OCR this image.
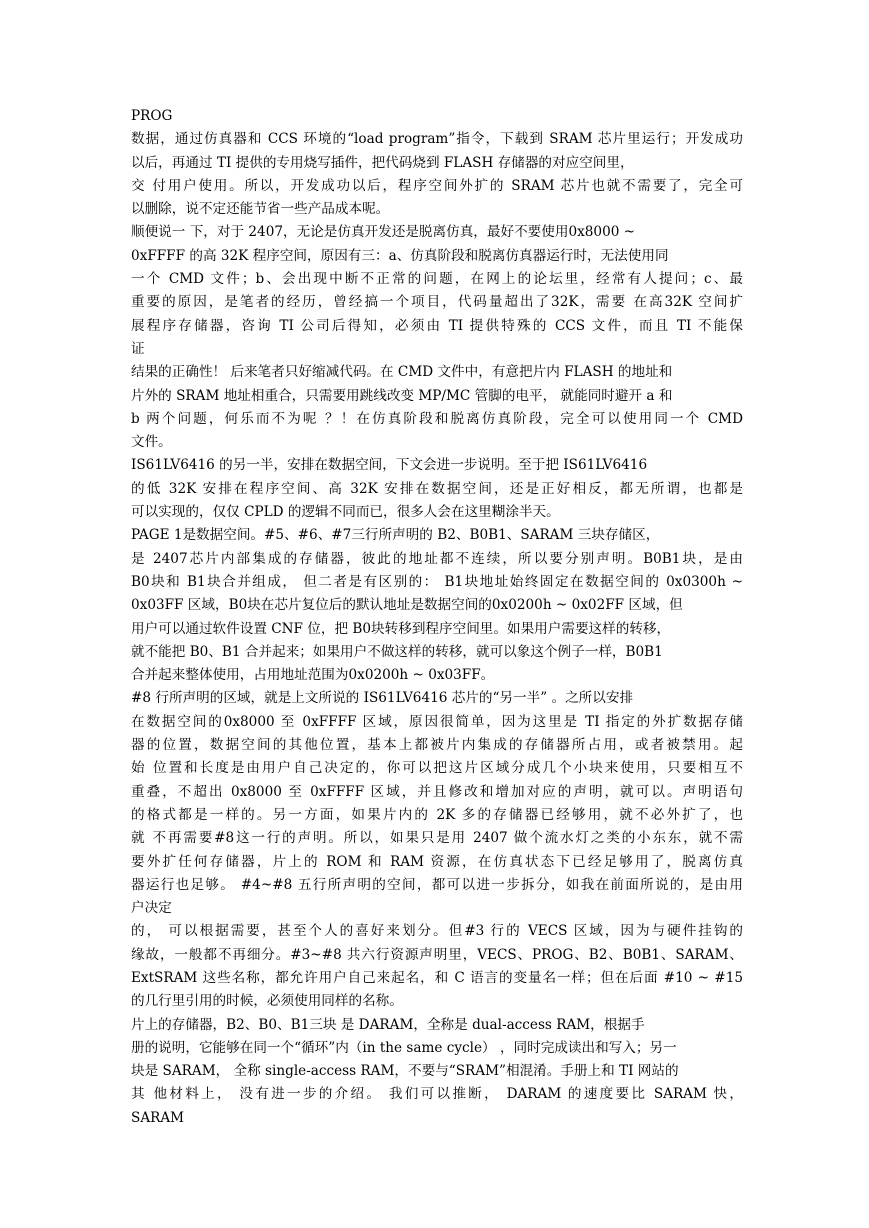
PROG
数据，通过仿真器和 CCS 环境的“load program”指令，下载到 SRAM 芯片里运行；开发成功
以后，再通过 TI 提供的专用烧写插件，把代码烧到 FLASH 存储器的对应空间里，
交 付用户使用。所以，开发成功以后，程序空间外扩的 SRAM 芯片也就不需要了，完全可
以删除，说不定还能节省一些产品成本呢。
顺便说一 下，对于 2407，无论是仿真开发还是脱离仿真，最好不要使用0x8000 ~
0xFFFF 的高 32K 程序空间，原因有三：a、仿真阶段和脱离仿真器运行时，无法使用同
一个 CMD 文件；b、会出现中断不正常的问题，在网上的论坛里，经常有人提问；c、最
重要的原因，是笔者的经历，曾经搞一个项目，代码量超出了32K，需要 在高32K 空间扩
展程序存储器，咨询 TI 公司后得知，必须由 TI 提供特殊的 CCS 文件，而且 TI 不能保
证
结果的正确性！ 后来笔者只好缩减代码。在 CMD 文件中，有意把片内 FLASH 的地址和
片外的 SRAM 地址相重合，只需要用跳线改变 MP/MC 管脚的电平， 就能同时避开 a 和
b 两个问题，何乐而不为呢 ？！在仿真阶段和脱离仿真阶段，完全可以使用同一个 CMD
文件。
IS61LV6416 的另一半，安排在数据空间，下文会进一步说明。至于把 IS61LV6416
的低 32K 安排在程序空间、高 32K 安排在数据空间，还是正好相反，都无所谓，也都是
可以实现的，仅仅 CPLD 的逻辑不同而已，很多人会在这里糊涂半天。
PAGE 1是数据空间。#5、#6、#7三行所声明的 B2、B0B1、SARAM 三块存储区，
是 2407芯片内部集成的存储器，彼此的地址都不连续，所以要分别声明。B0B1块，是由
B0块和 B1块合并组成， 但二者是有区别的： B1块地址始终固定在数据空间的 0x0300h ~
0x03FF 区域，B0块在芯片复位后的默认地址是数据空间的0x0200h ~ 0x02FF 区域，但
用户可以通过软件设置 CNF 位，把 B0块转移到程序空间里。如果用户需要这样的转移，
就不能把 B0、B1 合并起来；如果用户不做这样的转移，就可以象这个例子一样，B0B1
合并起来整体使用，占用地址范围为0x0200h ~ 0x03FF。
#8 行所声明的区域，就是上文所说的 IS61LV6416 芯片的“另一半” 。之所以安排
在数据空间的0x8000 至 0xFFFF 区域，原因很简单，因为这里是 TI 指定的外扩数据存储
器的位置，数据空间的其他位置，基本上都被片内集成的存储器所占用，或者被禁用。起
始 位置和长度是由用户自己决定的，你可以把这片区域分成几个小块来使用，只要相互不
重叠，不超出 0x8000 至 0xFFFF 区域，并且修改和增加对应的声明，就可以。声明语句
的格式都是一样的。另一方面，如果片内的 2K 多的存储器已经够用，就不必外扩了，也
就 不再需要#8这一行的声明。所以，如果只是用 2407 做个流水灯之类的小东东，就不需
要外扩任何存储器，片上的 ROM 和 RAM 资源，在仿真状态下已经足够用了，脱离仿真
器运行也足够。 #4~#8 五行所声明的空间，都可以进一步拆分，如我在前面所说的，是由用
户决定
的， 可以根据需要，甚至个人的喜好来划分。但#3 行的 VECS 区域，因为与硬件挂钩的
缘故，一般都不再细分。#3~#8 共六行资源声明里，VECS、PROG、B2、B0B1、SARAM、
ExtSRAM 这些名称，都允许用户自己来起名，和 C 语言的变量名一样；但在后面 #10 ~ #15
的几行里引用的时候，必须使用同样的名称。
片上的存储器，B2、B0、B1三块 是 DARAM，全称是 dual-access RAM，根据手
册的说明，它能够在同一个“循环”内（in the same cycle） ，同时完成读出和写入；另一
块是 SARAM， 全称 single-access RAM，不要与“SRAM”相混淆。手册上和 TI 网站的
其 他材料上， 没有进一步的介绍。 我们可以推断， DARAM 的速度要比 SARAM 快，
SARAM
